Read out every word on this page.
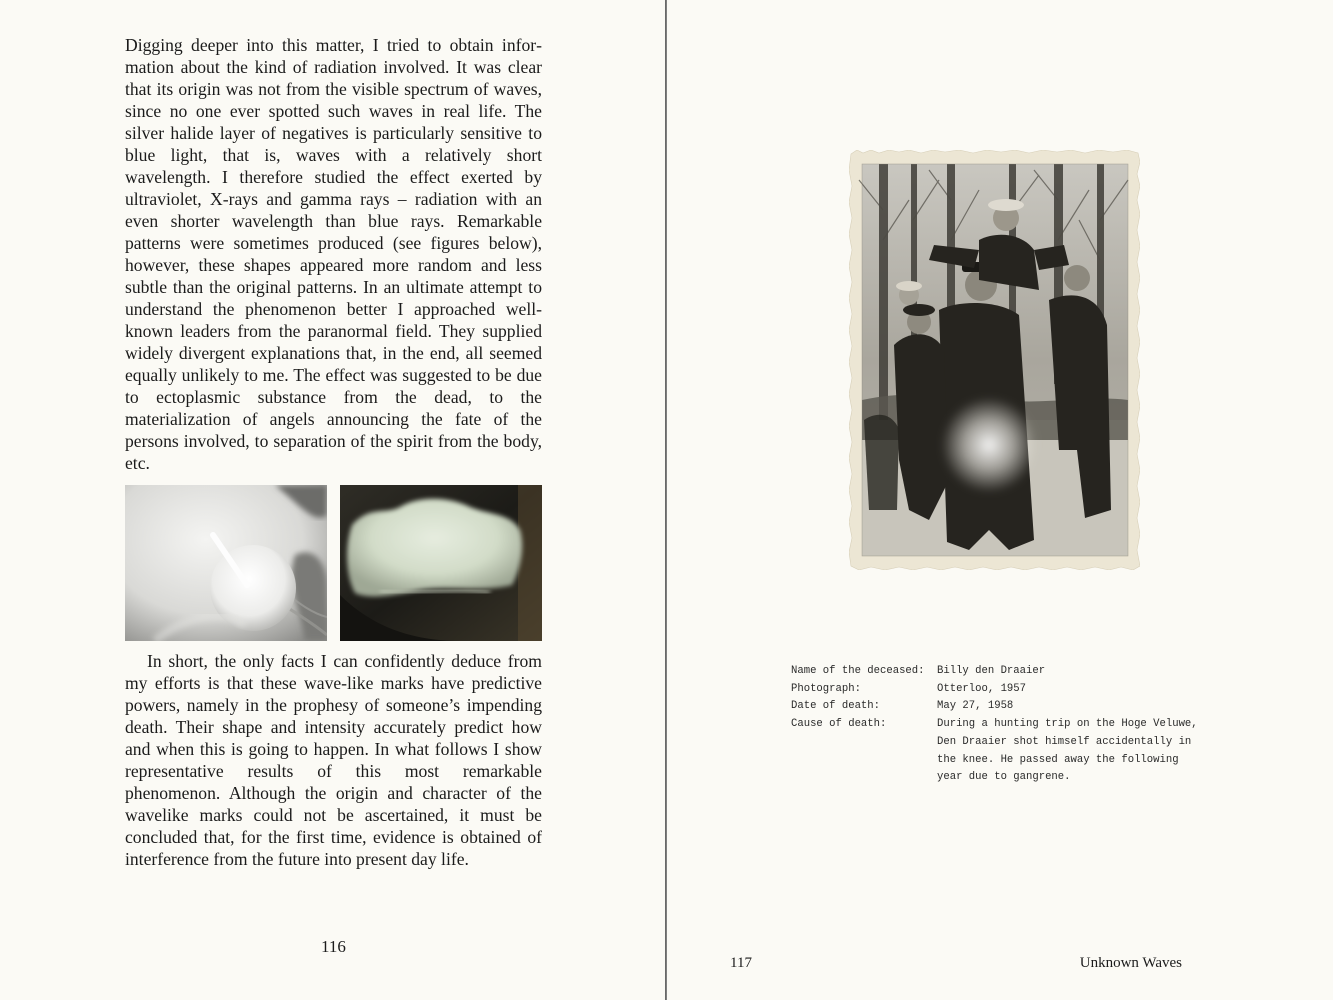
Digging deeper into this matter, I tried to obtain information about the kind of radiation involved. It was clear that its origin was not from the visible spectrum of waves, since no one ever spotted such waves in real life. The silver halide layer of negatives is particularly sensitive to blue light, that is, waves with a relatively short wavelength. I therefore studied the effect exerted by ultraviolet, X-rays and gamma rays – radiation with an even shorter wavelength than blue rays. Remarkable patterns were sometimes produced (see figures below), however, these shapes appeared more random and less subtle than the original patterns. In an ultimate attempt to understand the phenomenon better I approached well-known leaders from the paranormal field. They supplied widely divergent explanations that, in the end, all seemed equally unlikely to me. The effect was suggested to be due to ectoplasmic substance from the dead, to the materialization of angels announcing the fate of the persons involved, to separation of the spirit from the body, etc.

In short, the only facts I can confidently deduce from my efforts is that these wave-like marks have predictive powers, namely in the prophesy of someone’s impending death. Their shape and intensity accurately predict how and when this is going to happen. In what follows I show representative results of this most remarkable phenomenon. Although the origin and character of the wavelike marks could not be ascertained, it must be concluded that, for the first time, evidence is obtained of interference from the future into present day life.

116
Name of the deceased:	Billy den Draaier
Photograph:	Otterloo, 1957
Date of death:	May 27, 1958
Cause of death:	During a hunting trip on the Hoge Veluwe, Den Draaier shot himself accidentally in the knee. He passed away the following year due to gangrene.
117	Unknown Waves
